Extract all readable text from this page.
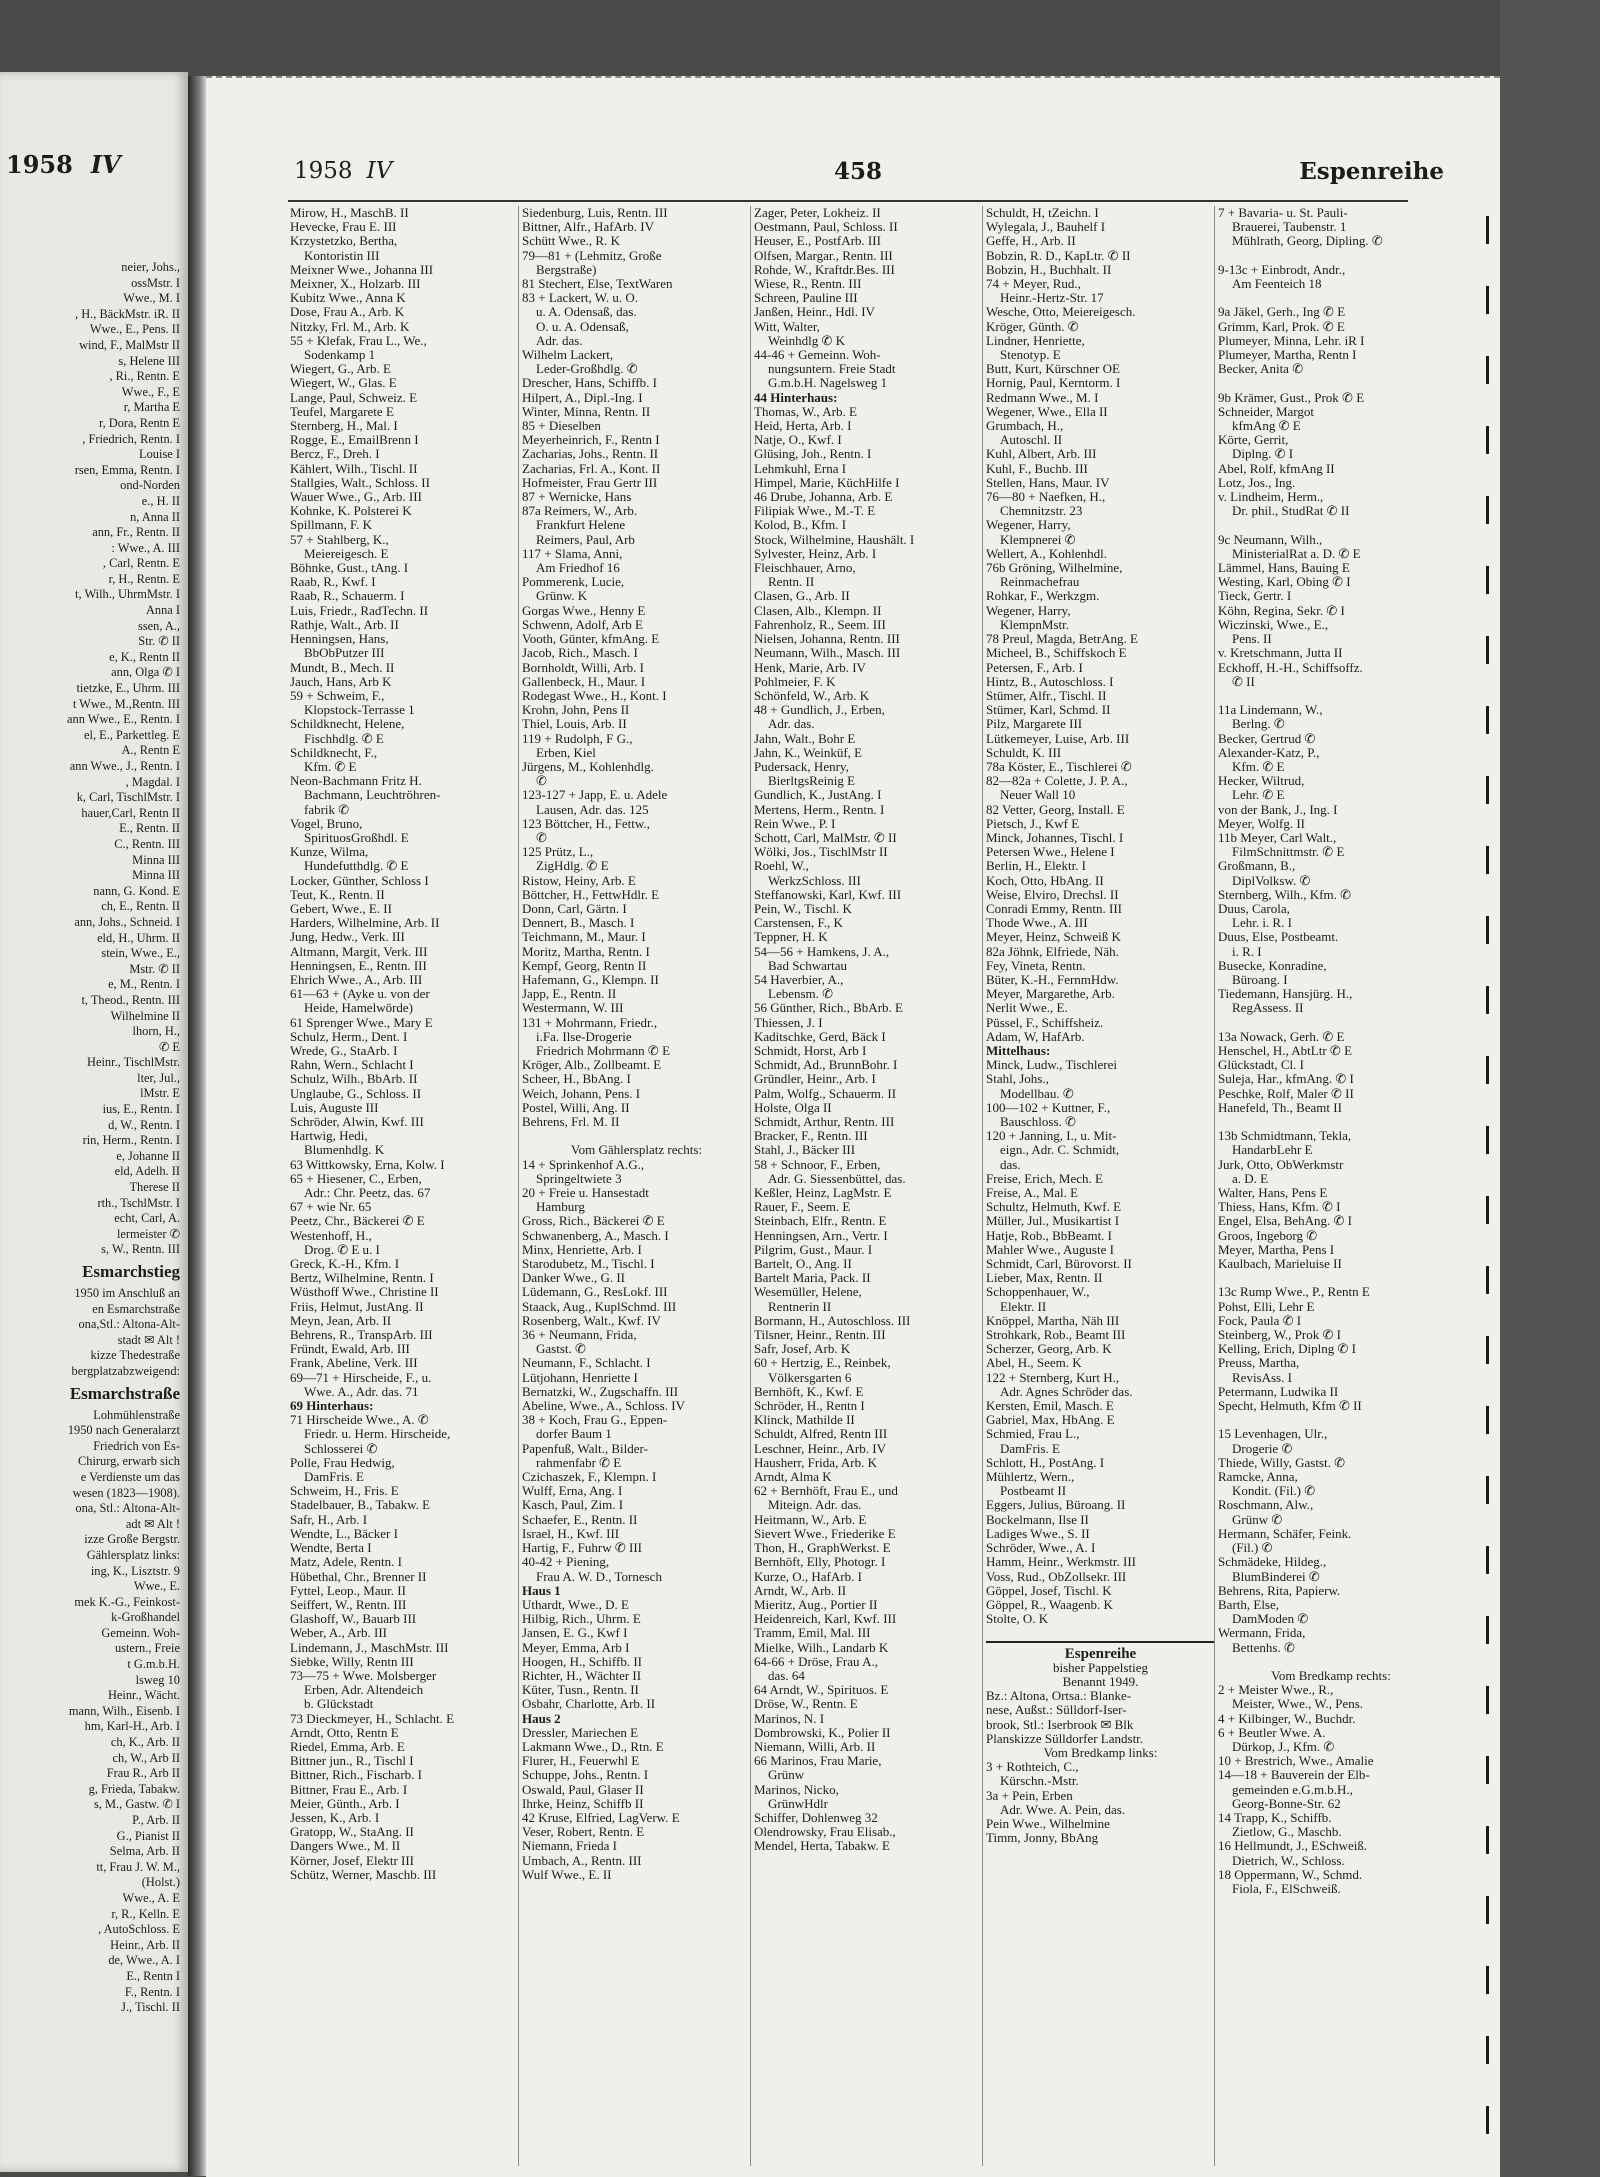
1958 IV
neier, Johs.,
ossMstr. I
Wwe., M. I
, H., BäckMstr. iR. II
Wwe., E., Pens. II
wind, F., MalMstr II
s, Helene III
, Ri., Rentn. E
Wwe., F., E
r, Martha E
r, Dora, Rentn E
, Friedrich, Rentn. I
Louise I
rsen, Emma, Rentn. I
ond-Norden
e., H. II
n, Anna II
ann, Fr., Rentn. II
: Wwe., A. III
, Carl, Rentn. E
r, H., Rentn. E
t, Wilh., UhrmMstr. I
Anna I
ssen, A.,
Str. ✆ II
e, K., Rentn II
ann, Olga ✆ I
tietzke, E., Uhrm. III
t Wwe., M.,Rentn. III
ann Wwe., E., Rentn. I
el, E., Parkettleg. E
A., Rentn E
ann Wwe., J., Rentn. I
, Magdal. I
k, Carl, TischlMstr. I
hauer,Carl, Rentn II
E., Rentn. II
C., Rentn. III
Minna III
Minna III
nann, G. Kond. E
ch, E., Rentn. II
ann, Johs., Schneid. I
eld, H., Uhrm. II
stein, Wwe., E.,
Mstr. ✆ II
e, M., Rentn. I
t, Theod., Rentn. III
Wilhelmine II
lhorn, H.,
✆ E
Heinr., TischlMstr.
lter, Jul.,
lMstr. E
ius, E., Rentn. I
d, W., Rentn. I
rin, Herm., Rentn. I
e, Johanne II
eld, Adelh. II
Therese II
rth., TschlMstr. I
echt, Carl, A.
lermeister ✆
s, W., Rentn. III
Esmarchstieg
1950 im Anschluß an
en Esmarchstraße
ona,Stl.: Altona-Alt-
stadt ✉ Alt !
kizze Thedestraße
bergplatzabzweigend:
Esmarchstraße
Lohmühlenstraße
1950 nach Generalarzt
Friedrich von Es-
Chirurg, erwarb sich
e Verdienste um das
wesen (1823—1908).
ona, Stl.: Altona-Alt-
adt ✉ Alt !
izze Große Bergstr.
Gählersplatz links:
ing, K., Lisztstr. 9
Wwe., E.
mek K.-G., Feinkost-
k-Großhandel
Gemeinn. Woh-
ustern., Freie
t G.m.b.H.
lsweg 10
Heinr., Wächt.
mann, Wilh., Eisenb. I
hm, Karl-H., Arb. I
ch, K., Arb. II
ch, W., Arb II
Frau R., Arb II
g, Frieda, Tabakw.
s, M., Gastw. ✆ I
P., Arb. II
G., Pianist II
Selma, Arb. II
tt, Frau J. W. M.,
(Holst.)
Wwe., A. E
r, R., Kelln. E
, AutoSchloss. E
Heinr., Arb. II
de, Wwe., A. I
E., Rentn I
F., Rentn. I
J., Tischl. II
1958 IV	458	Espenreihe
Mirow, H., MaschB. II
Hevecke, Frau E. III
Krzystetzko, Bertha,
Kontoristin III
Meixner Wwe., Johanna III
Meixner, X., Holzarb. III
Kubitz Wwe., Anna K
Dose, Frau A., Arb. K
Nitzky, Frl. M., Arb. K
55 + Klefak, Frau L., We.,
Sodenkamp 1
Wiegert, G., Arb. E
Wiegert, W., Glas. E
Lange, Paul, Schweiz. E
Teufel, Margarete E
Sternberg, H., Mal. I
Rogge, E., EmailBrenn I
Bercz, F., Dreh. I
Kählert, Wilh., Tischl. II
Stallgies, Walt., Schloss. II
Wauer Wwe., G., Arb. III
Kohnke, K. Polsterei K
Spillmann, F. K
57 + Stahlberg, K.,
Meiereigesch. E
Böhnke, Gust., tAng. I
Raab, R., Kwf. I
Raab, R., Schauerm. I
Luis, Friedr., RadTechn. II
Rathje, Walt., Arb. II
Henningsen, Hans,
BbObPutzer III
Mundt, B., Mech. II
Jauch, Hans, Arb K
59 + Schweim, F.,
Klopstock-Terrasse 1
Schildknecht, Helene,
Fischhdlg. ✆ E
Schildknecht, F.,
Kfm. ✆ E
Neon-Bachmann Fritz H.
Bachmann, Leuchtröhren-
fabrik ✆
Vogel, Bruno,
SpirituosGroßhdl. E
Kunze, Wilma,
Hundefutthdlg. ✆ E
Locker, Günther, Schloss I
Teut, K., Rentn. II
Gebert, Wwe., E. II
Harders, Wilhelmine, Arb. II
Jung, Hedw., Verk. III
Altmann, Margit, Verk. III
Henningsen, E., Rentn. III
Ehrich Wwe., A., Arb. III
61—63 + (Ayke u. von der
Heide, Hamelwörde)
61 Sprenger Wwe., Mary E
Schulz, Herm., Dent. I
Wrede, G., StaArb. I
Rahn, Wern., Schlacht I
Schulz, Wilh., BbArb. II
Unglaube, G., Schloss. II
Luis, Auguste III
Schröder, Alwin, Kwf. III
Hartwig, Hedi,
Blumenhdlg. K
63 Wittkowsky, Erna, Kolw. I
65 + Hiesener, C., Erben,
Adr.: Chr. Peetz, das. 67
67 + wie Nr. 65
Peetz, Chr., Bäckerei ✆ E
Westenhoff, H.,
Drog. ✆ E u. I
Greck, K.-H., Kfm. I
Bertz, Wilhelmine, Rentn. I
Wüsthoff Wwe., Christine II
Friis, Helmut, JustAng. II
Meyn, Jean, Arb. II
Behrens, R., TranspArb. III
Fründt, Ewald, Arb. III
Frank, Abeline, Verk. III
69—71 + Hirscheide, F., u.
Wwe. A., Adr. das. 71
69 Hinterhaus:
71 Hirscheide Wwe., A. ✆
Friedr. u. Herm. Hirscheide,
Schlosserei ✆
Polle, Frau Hedwig,
DamFris. E
Schweim, H., Fris. E
Stadelbauer, B., Tabakw. E
Safr, H., Arb. I
Wendte, L., Bäcker I
Wendte, Berta I
Matz, Adele, Rentn. I
Hübethal, Chr., Brenner II
Fyttel, Leop., Maur. II
Seiffert, W., Rentn. III
Glashoff, W., Bauarb III
Weber, A., Arb. III
Lindemann, J., MaschMstr. III
Siebke, Willy, Rentn III
73—75 + Wwe. Molsberger
Erben, Adr. Altendeich
b. Glückstadt
73 Dieckmeyer, H., Schlacht. E
Arndt, Otto, Rentn E
Riedel, Emma, Arb. E
Bittner jun., R., Tischl I
Bittner, Rich., Fischarb. I
Bittner, Frau E., Arb. I
Meier, Günth., Arb. I
Jessen, K., Arb. I
Gratopp, W., StaAng. II
Dangers Wwe., M. II
Körner, Josef, Elektr III
Schütz, Werner, Maschb. III
Siedenburg, Luis, Rentn. III
Bittner, Alfr., HafArb. IV
Schütt Wwe., R. K
79—81 + (Lehmitz, Große
Bergstraße)
81 Stechert, Else, TextWaren
83 + Lackert, W. u. O.
u. A. Odensaß, das.
O. u. A. Odensaß,
Adr. das.
Wilhelm Lackert,
Leder-Großhdlg. ✆
Drescher, Hans, Schiffb. I
Hilpert, A., Dipl.-Ing. I
Winter, Minna, Rentn. II
85 + Dieselben
Meyerheinrich, F., Rentn I
Zacharias, Johs., Rentn. II
Zacharias, Frl. A., Kont. II
Hofmeister, Frau Gertr III
87 + Wernicke, Hans
87a Reimers, W., Arb.
Frankfurt Helene
Reimers, Paul, Arb
117 + Slama, Anni,
Am Friedhof 16
Pommerenk, Lucie,
Grünw. K
Gorgas Wwe., Henny E
Schwenn, Adolf, Arb E
Vooth, Günter, kfmAng. E
Jacob, Rich., Masch. I
Bornholdt, Willi, Arb. I
Gallenbeck, H., Maur. I
Rodegast Wwe., H., Kont. I
Krohn, John, Pens II
Thiel, Louis, Arb. II
119 + Rudolph, F G.,
Erben, Kiel
Jürgens, M., Kohlenhdlg.
✆
123-127 + Japp, E. u. Adele
Lausen, Adr. das. 125
123 Böttcher, H., Fettw.,
✆
125 Prütz, L.,
ZigHdlg. ✆ E
Ristow, Heiny, Arb. E
Böttcher, H., FettwHdlr. E
Donn, Carl, Gärtn. I
Dennert, B., Masch. I
Teichmann, M., Maur. I
Moritz, Martha, Rentn. I
Kempf, Georg, Rentn II
Hafemann, G., Klempn. II
Japp, E., Rentn. II
Westermann, W. III
131 + Mohrmann, Friedr.,
i.Fa. Ilse-Drogerie
Friedrich Mohrmann ✆ E
Kröger, Alb., Zollbeamt. E
Scheer, H., BbAng. I
Weich, Johann, Pens. I
Postel, Willi, Ang. II
Behrens, Frl. M. II

Vom Gählersplatz rechts:
14 + Sprinkenhof A.G.,
Springeltwiete 3
20 + Freie u. Hansestadt
Hamburg
Gross, Rich., Bäckerei ✆ E
Schwanenberg, A., Masch. I
Minx, Henriette, Arb. I
Starodubetz, M., Tischl. I
Danker Wwe., G. II
Lüdemann, G., ResLokf. III
Staack, Aug., KuplSchmd. III
Rosenberg, Walt., Kwf. IV
36 + Neumann, Frida,
Gastst. ✆
Neumann, F., Schlacht. I
Lütjohann, Henriette I
Bernatzki, W., Zugschaffn. III
Abeline, Wwe., A., Schloss. IV
38 + Koch, Frau G., Eppen-
dorfer Baum 1
Papenfuß, Walt., Bilder-
rahmenfabr ✆ E
Czichaszek, F., Klempn. I
Wulff, Erna, Ang. I
Kasch, Paul, Zim. I
Schaefer, E., Rentn. II
Israel, H., Kwf. III
Hartig, F., Fuhrw ✆ III
40-42 + Piening,
Frau A. W. D., Tornesch
Haus 1
Uthardt, Wwe., D. E
Hilbig, Rich., Uhrm. E
Jansen, E. G., Kwf I
Meyer, Emma, Arb I
Hoogen, H., Schiffb. II
Richter, H., Wächter II
Küter, Tusn., Rentn. II
Osbahr, Charlotte, Arb. II
Haus 2
Dressler, Mariechen E
Lakmann Wwe., D., Rtn. E
Flurer, H., Feuerwhl E
Schuppe, Johs., Rentn. I
Oswald, Paul, Glaser II
Ihrke, Heinz, Schiffb II
42 Kruse, Elfried, LagVerw. E
Veser, Robert, Rentn. E
Niemann, Frieda I
Umbach, A., Rentn. III
Wulf Wwe., E. II
Zager, Peter, Lokheiz. II
Oestmann, Paul, Schloss. II
Heuser, E., PostfArb. III
Olfsen, Margar., Rentn. III
Rohde, W., Kraftdr.Bes. III
Wiese, R., Rentn. III
Schreen, Pauline III
Janßen, Heinr., Hdl. IV
Witt, Walter,
Weinhdlg ✆ K
44-46 + Gemeinn. Woh-
nungsuntern. Freie Stadt
G.m.b.H. Nagelsweg 1
44 Hinterhaus:
Thomas, W., Arb. E
Heid, Herta, Arb. I
Natje, O., Kwf. I
Glüsing, Joh., Rentn. I
Lehmkuhl, Erna I
Himpel, Marie, KüchHilfe I
46 Drube, Johanna, Arb. E
Filipiak Wwe., M.-T. E
Kolod, B., Kfm. I
Stock, Wilhelmine, Haushält. I
Sylvester, Heinz, Arb. I
Fleischhauer, Arno,
Rentn. II
Clasen, G., Arb. II
Clasen, Alb., Klempn. II
Fahrenholz, R., Seem. III
Nielsen, Johanna, Rentn. III
Neumann, Wilh., Masch. III
Henk, Marie, Arb. IV
Pohlmeier, F. K
Schönfeld, W., Arb. K
48 + Gundlich, J., Erben,
Adr. das.
Jahn, Walt., Bohr E
Jahn, K., Weinküf, E
Pudersack, Henry,
BierltgsReinig E
Gundlich, K., JustAng. I
Mertens, Herm., Rentn. I
Rein Wwe., P. I
Schott, Carl, MalMstr. ✆ II
Wölki, Jos., TischlMstr II
Roehl, W.,
WerkzSchloss. III
Steffanowski, Karl, Kwf. III
Pein, W., Tischl. K
Carstensen, F., K
Teppner, H. K
54—56 + Hamkens, J. A.,
Bad Schwartau
54 Haverbier, A.,
Lebensm. ✆
56 Günther, Rich., BbArb. E
Thiessen, J. I
Kaditschke, Gerd, Bäck I
Schmidt, Horst, Arb I
Schmidt, Ad., BrunnBohr. I
Gründler, Heinr., Arb. I
Palm, Wolfg., Schauerm. II
Holste, Olga II
Schmidt, Arthur, Rentn. III
Bracker, F., Rentn. III
Stahl, J., Bäcker III
58 + Schnoor, F., Erben,
Adr. G. Siessenbüttel, das.
Keßler, Heinz, LagMstr. E
Rauer, F., Seem. E
Steinbach, Elfr., Rentn. E
Henningsen, Arn., Vertr. I
Pilgrim, Gust., Maur. I
Bartelt, O., Ang. II
Bartelt Maria, Pack. II
Wesemüller, Helene,
Rentnerin II
Bormann, H., Autoschloss. III
Tilsner, Heinr., Rentn. III
Safr, Josef, Arb. K
60 + Hertzig, E., Reinbek,
Völkersgarten 6
Bernhöft, K., Kwf. E
Schröder, H., Rentn I
Klinck, Mathilde II
Schuldt, Alfred, Rentn III
Leschner, Heinr., Arb. IV
Hausherr, Frida, Arb. K
Arndt, Alma K
62 + Bernhöft, Frau E., und
Miteign. Adr. das.
Heitmann, W., Arb. E
Sievert Wwe., Friederike E
Thon, H., GraphWerkst. E
Bernhöft, Elly, Photogr. I
Kurze, O., HafArb. I
Arndt, W., Arb. II
Mieritz, Aug., Portier II
Heidenreich, Karl, Kwf. III
Tramm, Emil, Mal. III
Mielke, Wilh., Landarb K
64-66 + Dröse, Frau A.,
das. 64
64 Arndt, W., Spirituos. E
Dröse, W., Rentn. E
Marinos, N. I
Dombrowski, K., Polier II
Niemann, Willi, Arb. II
66 Marinos, Frau Marie,
Grünw
Marinos, Nicko,
GrünwHdlr
Schiffer, Dohlenweg 32
Olendrowsky, Frau Elisab.,
Mendel, Herta, Tabakw. E
Schuldt, H, tZeichn. I
Wylegala, J., Bauhelf I
Geffe, H., Arb. II
Bobzin, R. D., KapLtr. ✆ II
Bobzin, H., Buchhalt. II
74 + Meyer, Rud.,
Heinr.-Hertz-Str. 17
Wesche, Otto, Meiereigesch.
Kröger, Günth. ✆
Lindner, Henriette,
Stenotyp. E
Butt, Kurt, Kürschner OE
Hornig, Paul, Kerntorm. I
Redmann Wwe., M. I
Wegener, Wwe., Ella II
Grumbach, H.,
Autoschl. II
Kuhl, Albert, Arb. III
Kuhl, F., Buchb. III
Stellen, Hans, Maur. IV
76—80 + Naefken, H.,
Chemnitzstr. 23
Wegener, Harry,
Klempnerei ✆
Wellert, A., Kohlenhdl.
76b Gröning, Wilhelmine,
Reinmachefrau
Rohkar, F., Werkzgm.
Wegener, Harry,
KlempnMstr.
78 Preul, Magda, BetrAng. E
Micheel, B., Schiffskoch E
Petersen, F., Arb. I
Hintz, B., Autoschloss. I
Stümer, Alfr., Tischl. II
Stümer, Karl, Schmd. II
Pilz, Margarete III
Lütkemeyer, Luise, Arb. III
Schuldt, K. III
78a Köster, E., Tischlerei ✆
82—82a + Colette, J. P. A.,
Neuer Wall 10
82 Vetter, Georg, Install. E
Pietsch, J., Kwf E
Minck, Johannes, Tischl. I
Petersen Wwe., Helene I
Berlin, H., Elektr. I
Koch, Otto, HbAng. II
Weise, Elviro, Drechsl. II
Conradi Emmy, Rentn. III
Thode Wwe., A. III
Meyer, Heinz, Schweiß K
82a Jöhnk, Elfriede, Näh.
Fey, Vineta, Rentn.
Büter, K.-H., FernmHdw.
Meyer, Margarethe, Arb.
Nerlit Wwe., E.
Püssel, F., Schiffsheiz.
Adam, W, HafArb.
Mittelhaus:
Minck, Ludw., Tischlerei
Stahl, Johs.,
Modellbau. ✆
100—102 + Kuttner, F.,
Bauschloss. ✆
120 + Janning, I., u. Mit-
eign., Adr. C. Schmidt,
das.
Freise, Erich, Mech. E
Freise, A., Mal. E
Schultz, Helmuth, Kwf. E
Müller, Jul., Musikartist I
Hatje, Rob., BbBeamt. I
Mahler Wwe., Auguste I
Schmidt, Carl, Bürovorst. II
Lieber, Max, Rentn. II
Schoppenhauer, W.,
Elektr. II
Knöppel, Martha, Näh III
Strohkark, Rob., Beamt III
Scherzer, Georg, Arb. K
Abel, H., Seem. K
122 + Sternberg, Kurt H.,
Adr. Agnes Schröder das.
Kersten, Emil, Masch. E
Gabriel, Max, HbAng. E
Schmied, Frau L.,
DamFris. E
Schlott, H., PostAng. I
Mühlertz, Wern.,
Postbeamt II
Eggers, Julius, Büroang. II
Bockelmann, Ilse II
Ladiges Wwe., S. II
Schröder, Wwe., A. I
Hamm, Heinr., Werkmstr. III
Voss, Rud., ObZollsekr. III
Göppel, Josef, Tischl. K
Göppel, R., Waagenb. K
Stolte, O. K

Espenreihe
bisher Pappelstieg
Benannt 1949.
Bz.: Altona, Ortsa.: Blanke-
nese, Außst.: Sülldorf-Iser-
brook, Stl.: Iserbrook ✉ Blk
Planskizze Sülldorfer Landstr.
Vom Bredkamp links:
3 + Rothteich, C.,
Kürschn.-Mstr.
3a + Pein, Erben
Adr. Wwe. A. Pein, das.
Pein Wwe., Wilhelmine
Timm, Jonny, BbAng
7 + Bavaria- u. St. Pauli-
Brauerei, Taubenstr. 1
Mühlrath, Georg, Dipling. ✆

9-13c + Einbrodt, Andr.,
Am Feenteich 18

9a Jäkel, Gerh., Ing ✆ E
Grimm, Karl, Prok. ✆ E
Plumeyer, Minna, Lehr. iR I
Plumeyer, Martha, Rentn I
Becker, Anita ✆

9b Krämer, Gust., Prok ✆ E
Schneider, Margot
kfmAng ✆ E
Körte, Gerrit,
Diplng. ✆ I
Abel, Rolf, kfmAng II
Lotz, Jos., Ing.
v. Lindheim, Herm.,
Dr. phil., StudRat ✆ II

9c Neumann, Wilh.,
MinisterialRat a. D. ✆ E
Lämmel, Hans, Bauing E
Westing, Karl, Obing ✆ I
Tieck, Gertr. I
Köhn, Regina, Sekr. ✆ I
Wiczinski, Wwe., E.,
Pens. II
v. Kretschmann, Jutta II
Eckhoff, H.-H., Schiffsoffz.
✆ II

11a Lindemann, W.,
Berlng. ✆
Becker, Gertrud ✆
Alexander-Katz, P.,
Kfm. ✆ E
Hecker, Wiltrud,
Lehr. ✆ E
von der Bank, J., Ing. I
Meyer, Wolfg. II
11b Meyer, Carl Walt.,
FilmSchnittmstr. ✆ E
Großmann, B.,
DiplVolksw. ✆
Sternberg, Wilh., Kfm. ✆
Duus, Carola,
Lehr. i. R. I
Duus, Else, Postbeamt.
i. R. I
Busecke, Konradine,
Büroang. I
Tiedemann, Hansjürg. H.,
RegAssess. II

13a Nowack, Gerh. ✆ E
Henschel, H., AbtLtr ✆ E
Glückstadt, Cl. I
Suleja, Har., kfmAng. ✆ I
Peschke, Rolf, Maler ✆ II
Hanefeld, Th., Beamt II

13b Schmidtmann, Tekla,
HandarbLehr E
Jurk, Otto, ObWerkmstr
a. D. E
Walter, Hans, Pens E
Thiess, Hans, Kfm. ✆ I
Engel, Elsa, BehAng. ✆ I
Groos, Ingeborg ✆
Meyer, Martha, Pens I
Kaulbach, Marieluise II

13c Rump Wwe., P., Rentn E
Pohst, Elli, Lehr E
Fock, Paula ✆ I
Steinberg, W., Prok ✆ I
Kelling, Erich, Diplng ✆ I
Preuss, Martha,
RevisAss. I
Petermann, Ludwika II
Specht, Helmuth, Kfm ✆ II

15 Levenhagen, Ulr.,
Drogerie ✆
Thiede, Willy, Gastst. ✆
Ramcke, Anna,
Kondit. (Fil.) ✆
Roschmann, Alw.,
Grünw ✆
Hermann, Schäfer, Feink.
(Fil.) ✆
Schmädeke, Hildeg.,
BlumBinderei ✆
Behrens, Rita, Papierw.
Barth, Else,
DamModen ✆
Wermann, Frida,
Bettenhs. ✆

Vom Bredkamp rechts:
2 + Meister Wwe., R.,
Meister, Wwe., W., Pens.
4 + Kilbinger, W., Buchdr.
6 + Beutler Wwe. A.
Dürkop, J., Kfm. ✆
10 + Brestrich, Wwe., Amalie
14—18 + Bauverein der Elb-
gemeinden e.G.m.b.H.,
Georg-Bonne-Str. 62
14 Trapp, K., Schiffb.
Zietlow, G., Maschb.
16 Hellmundt, J., ESchweiß.
Dietrich, W., Schloss.
18 Oppermann, W., Schmd.
Fiola, F., ElSchweiß.
